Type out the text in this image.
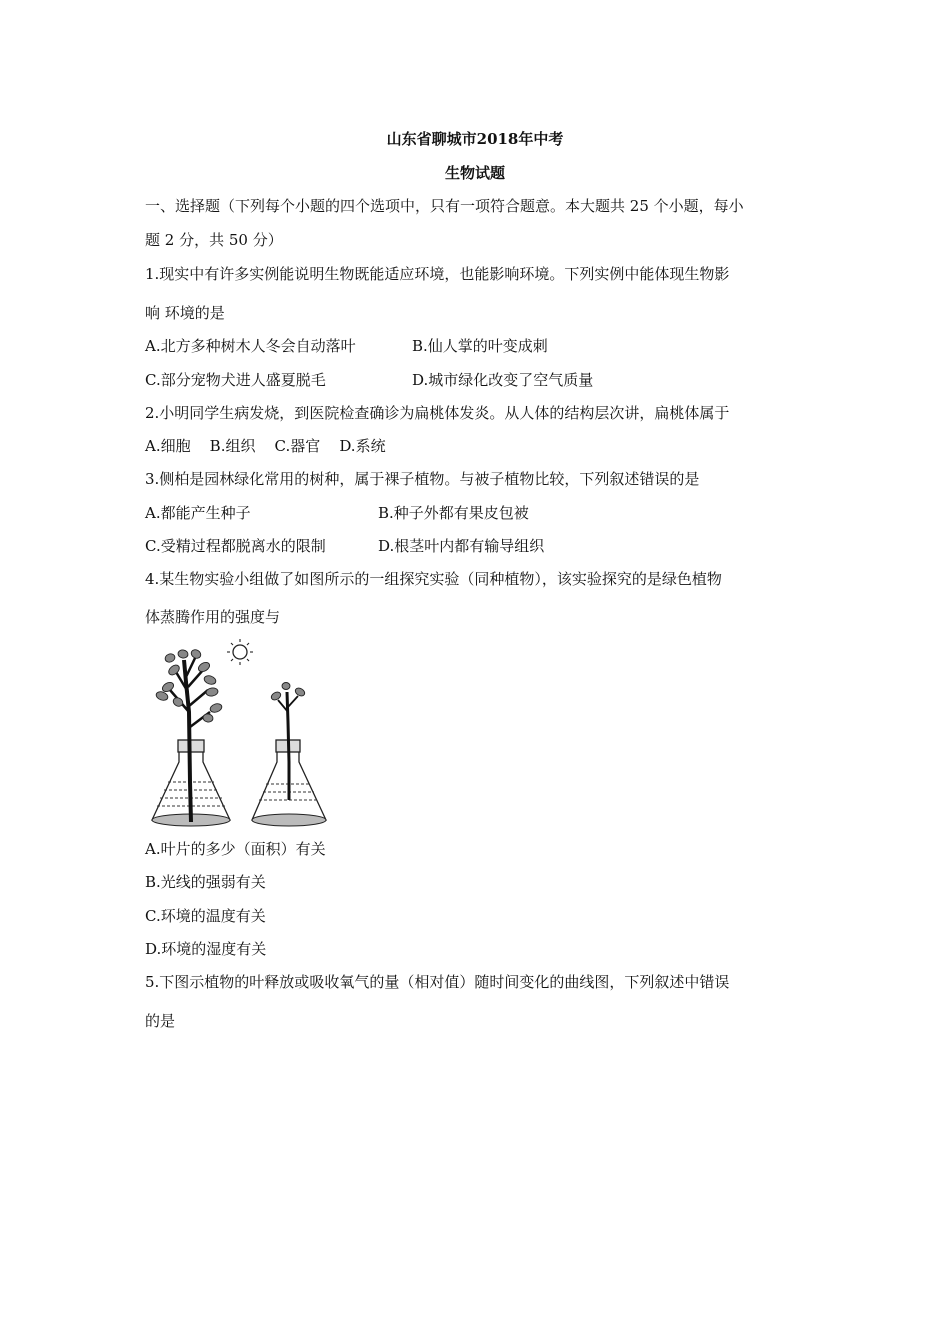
山东省聊城市2018年中考
生物试题
一、选择题（下列每个小题的四个选项中，只有一项符合题意。本大题共 25 个小题，每小
题 2 分，共 50 分）
1.现实中有许多实例能说明生物既能适应环境，也能影响环境。下列实例中能体现生物影
响 环境的是
A.北方多种树木人冬会自动落叶	B.仙人掌的叶变成刺
C.部分宠物犬进人盛夏脱毛	D.城市绿化改变了空气质量
2.小明同学生病发烧，到医院检查确诊为扁桃体发炎。从人体的结构层次讲，扁桃体属于
A.细胞    B.组织    C.器官    D.系统
3.侧柏是园林绿化常用的树种，属于裸子植物。与被子植物比较，下列叙述错误的是
A.都能产生种子	B.种子外都有果皮包被
C.受精过程都脱离水的限制	D.根茎叶内都有输导组织
4.某生物实验小组做了如图所示的一组探究实验（同种植物），该实验探究的是绿色植物
体蒸腾作用的强度与
A.叶片的多少（面积）有关
B.光线的强弱有关
C.环境的温度有关
D.环境的湿度有关
5.下图示植物的叶释放或吸收氧气的量（相对值）随时间变化的曲线图，下列叙述中错误
的是
